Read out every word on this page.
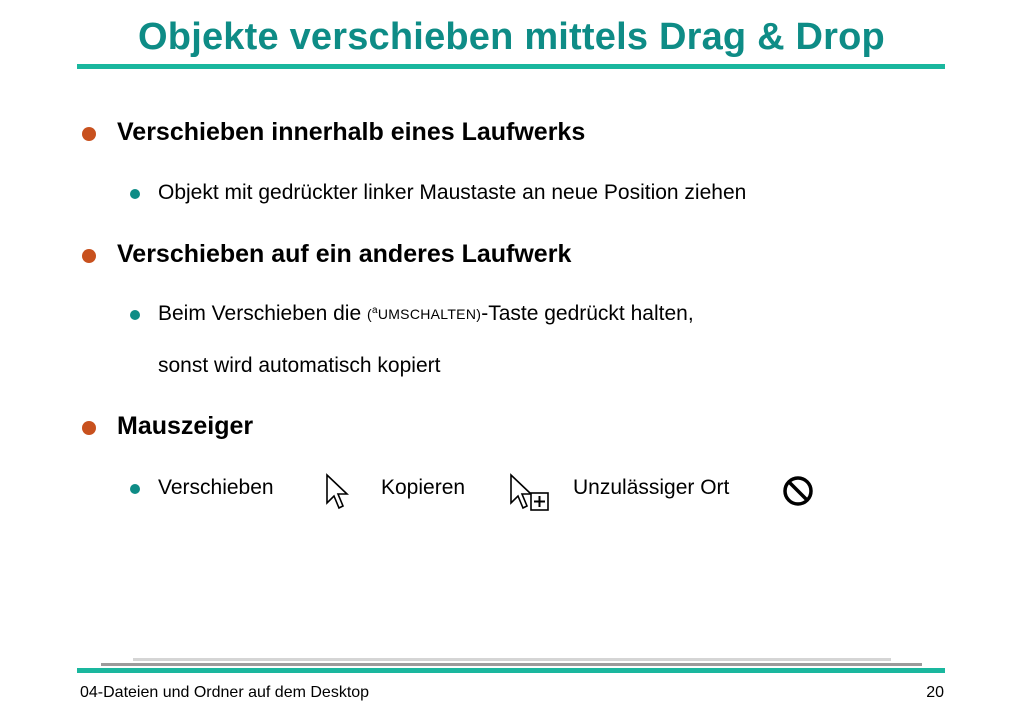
Objekte verschieben mittels Drag & Drop
Verschieben innerhalb eines Laufwerks
Objekt mit gedrückter linker Maustaste an neue Position ziehen
Verschieben auf ein anderes Laufwerk
Beim Verschieben die ($^a$UMSCHALTEN)-Taste gedrückt halten,
sonst wird automatisch kopiert
Mauszeiger
Verschieben	Kopieren	Unzulässiger Ort
04-Dateien und Ordner auf dem Desktop	20
